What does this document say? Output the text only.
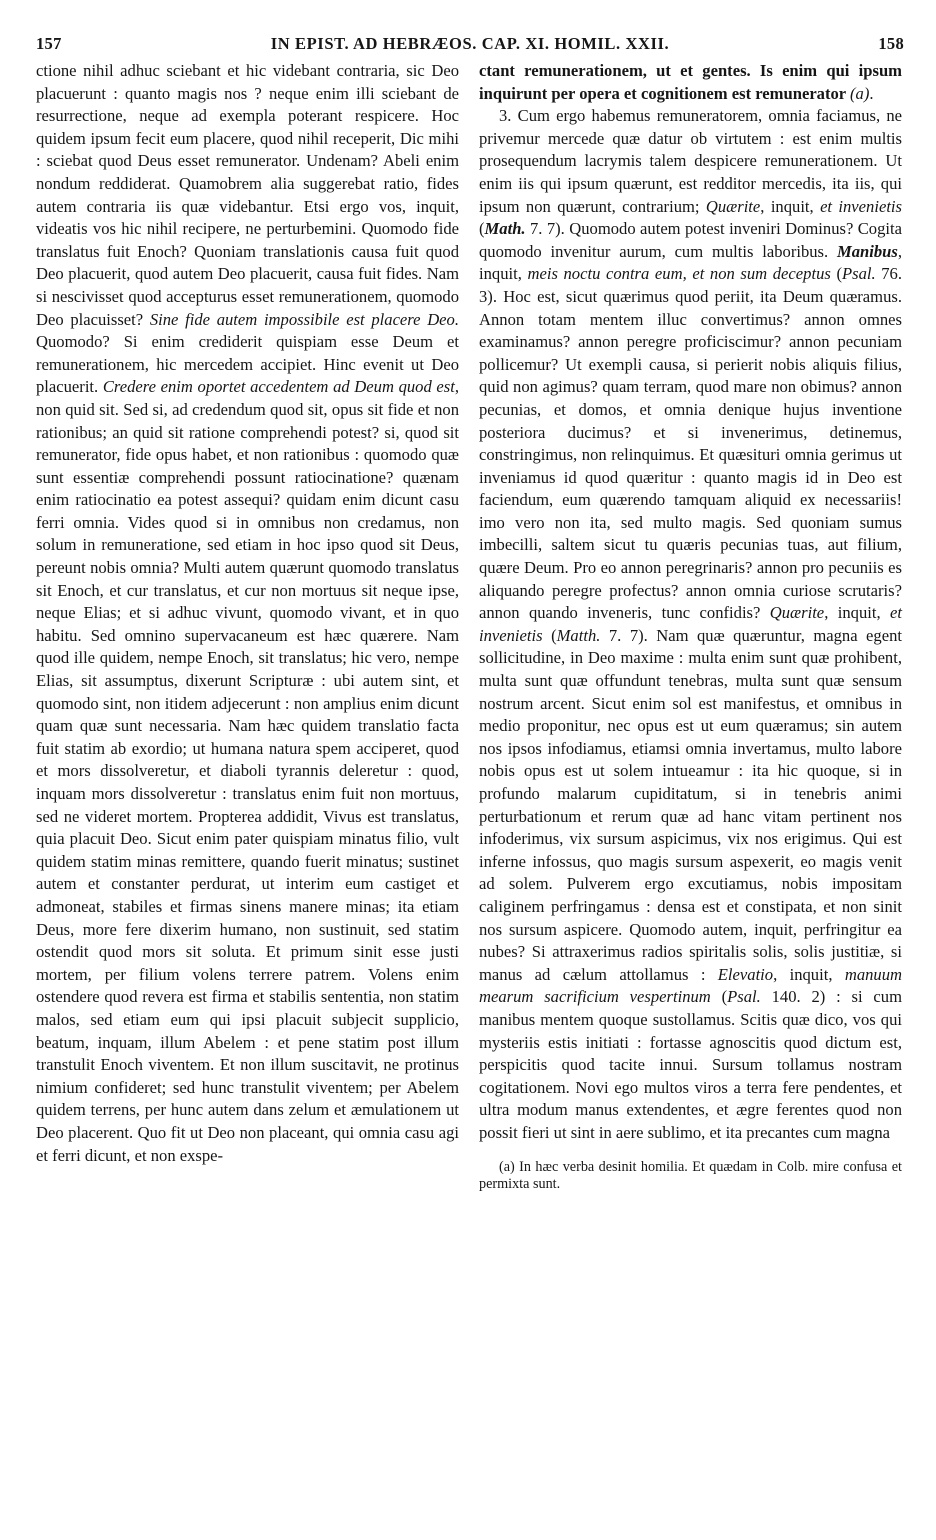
157	IN EPIST. AD HEBRÆOS. CAP. XI. HOMIL. XXII.	158

ctione nihil adhuc sciebant et hic videbant contraria, sic Deo placuerunt : quanto magis nos ? neque enim illi sciebant de resurrectione, neque ad exempla poterant respicere. Hoc quidem ipsum fecit eum placere, quod nihil receperit, Dic mihi : sciebat quod Deus esset remunerator. Undenam? Abeli enim nondum reddiderat. Quamobrem alia suggerebat ratio, fides autem contraria iis quæ videbantur. Etsi ergo vos, inquit, videatis vos hic nihil recipere, ne perturbemini. Quomodo fide translatus fuit Enoch? Quoniam translationis causa fuit quod Deo placuerit, quod autem Deo placuerit, causa fuit fides. Nam si nescivisset quod accepturus esset remunerationem, quomodo Deo placuisset? Sine fide autem impossibile est placere Deo. Quomodo? Si enim crediderit quispiam esse Deum et remunerationem, hic mercedem accipiet. Hinc evenit ut Deo placuerit. Credere enim oportet accedentem ad Deum quod est, non quid sit. Sed si, ad credendum quod sit, opus sit fide et non rationibus; an quid sit ratione comprehendi potest? si, quod sit remunerator, fide opus habet, et non rationibus : quomodo quæ sunt essentiæ comprehendi possunt ratiocinatione? quænam enim ratiocinatio ea potest assequi? quidam enim dicunt casu ferri omnia. Vides quod si in omnibus non credamus, non solum in remuneratione, sed etiam in hoc ipso quod sit Deus, pereunt nobis omnia? Multi autem quærunt quomodo translatus sit Enoch, et cur translatus, et cur non mortuus sit neque ipse, neque Elias; et si adhuc vivunt, quomodo vivant, et in quo habitu. Sed omnino supervacaneum est hæc quærere. Nam quod ille quidem, nempe Enoch, sit translatus; hic vero, nempe Elias, sit assumptus, dixerunt Scripturæ : ubi autem sint, et quomodo sint, non itidem adjecerunt : non amplius enim dicunt quam quæ sunt necessaria. Nam hæc quidem translatio facta fuit statim ab exordio; ut humana natura spem acciperet, quod et mors dissolveretur, et diaboli tyrannis deleretur : quod, inquam mors dissolveretur : translatus enim fuit non mortuus, sed ne videret mortem. Propterea addidit, Vivus est translatus, quia placuit Deo. Sicut enim pater quispiam minatus filio, vult quidem statim minas remittere, quando fuerit minatus; sustinet autem et constanter perdurat, ut interim eum castiget et admoneat, stabiles et firmas sinens manere minas; ita etiam Deus, more fere dixerim humano, non sustinuit, sed statim ostendit quod mors sit soluta. Et primum sinit esse justi mortem, per filium volens terrere patrem. Volens enim ostendere quod revera est firma et stabilis sententia, non statim malos, sed etiam eum qui ipsi placuit subjecit supplicio, beatum, inquam, illum Abelem : et pene statim post illum transtulit Enoch viventem. Et non illum suscitavit, ne protinus nimium confideret; sed hunc transtulit viventem; per Abelem quidem terrens, per hunc autem dans zelum et æmulationem ut Deo placerent. Quo fit ut Deo non placeant, qui omnia casu agi et ferri dicunt, et non exspe-

ctant remunerationem, ut et gentes. Is enim qui ipsum inquirunt per opera et cognitionem est remunerator (a).

3. Cum ergo habemus remuneratorem, omnia faciamus, ne privemur mercede quæ datur ob virtutem : est enim multis prosequendum lacrymis talem despicere remunerationem. Ut enim iis qui ipsum quærunt, est redditor mercedis, ita iis, qui ipsum non quærunt, contrarium; Quærite, inquit, et invenietis (Math. 7. 7). Quomodo autem potest inveniri Dominus? Cogita quomodo invenitur aurum, cum multis laboribus. Manibus, inquit, meis noctu contra eum, et non sum deceptus (Psal. 76. 3). Hoc est, sicut quærimus quod periit, ita Deum quæramus. Annon totam mentem illuc convertimus? annon omnes examinamus? annon peregre proficiscimur? annon pecuniam pollicemur? Ut exempli causa, si perierit nobis aliquis filius, quid non agimus? quam terram, quod mare non obimus? annon pecunias, et domos, et omnia denique hujus inventione posteriora ducimus? et si invenerimus, detinemus, constringimus, non relinquimus. Et quæsituri omnia gerimus ut inveniamus id quod quæritur : quanto magis id in Deo est faciendum, eum quærendo tamquam aliquid ex necessariis! imo vero non ita, sed multo magis. Sed quoniam sumus imbecilli, saltem sicut tu quæris pecunias tuas, aut filium, quære Deum. Pro eo annon peregrinaris? annon pro pecuniis es aliquando peregre profectus? annon omnia curiose scrutaris? annon quando inveneris, tunc confidis? Quærite, inquit, et invenietis (Matth. 7. 7). Nam quæ quæruntur, magna egent sollicitudine, in Deo maxime : multa enim sunt quæ prohibent, multa sunt quæ offundunt tenebras, multa sunt quæ sensum nostrum arcent. Sicut enim sol est manifestus, et omnibus in medio proponitur, nec opus est ut eum quæramus; sin autem nos ipsos infodiamus, etiamsi omnia invertamus, multo labore nobis opus est ut solem intueamur : ita hic quoque, si in profundo malarum cupiditatum, si in tenebris animi perturbationum et rerum quæ ad hanc vitam pertinent nos infoderimus, vix sursum aspicimus, vix nos erigimus. Qui est inferne infossus, quo magis sursum aspexerit, eo magis venit ad solem. Pulverem ergo excutiamus, nobis impositam caliginem perfringamus : densa est et constipata, et non sinit nos sursum aspicere. Quomodo autem, inquit, perfringitur ea nubes? Si attraxerimus radios spiritalis solis, solis justitiæ, si manus ad cælum attollamus : Elevatio, inquit, manuum mearum sacrificium vespertinum (Psal. 140. 2) : si cum manibus mentem quoque sustollamus. Scitis quæ dico, vos qui mysteriis estis initiati : fortasse agnoscitis quod dictum est, perspicitis quod tacite innui. Sursum tollamus nostram cogitationem. Novi ego multos viros a terra fere pendentes, et ultra modum manus extendentes, et ægre ferentes quod non possit fieri ut sint in aere sublimo, et ita precantes cum magna

(a) In hæc verba desinit homilia. Et quædam in Colb. mire confusa et permixta sunt.
